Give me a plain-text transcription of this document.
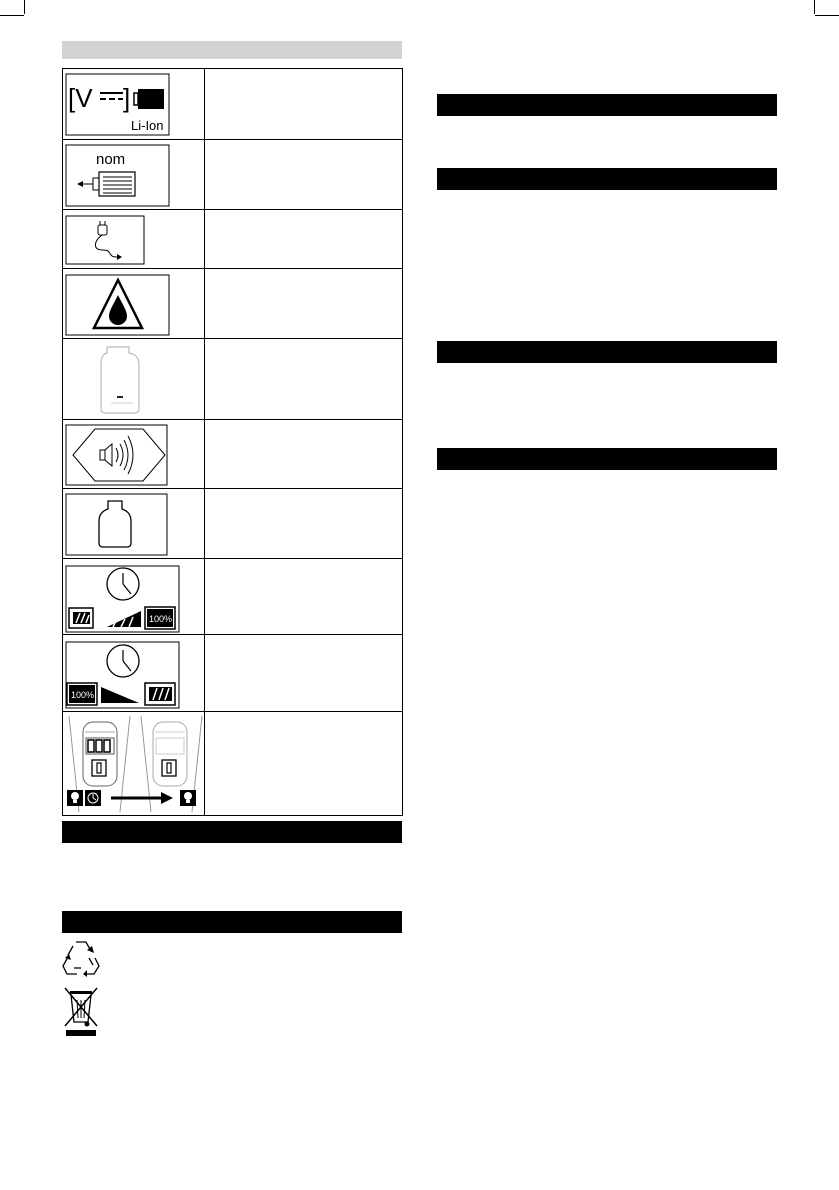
[V ]
Li-Ion	

nom	

100%	

100%	
